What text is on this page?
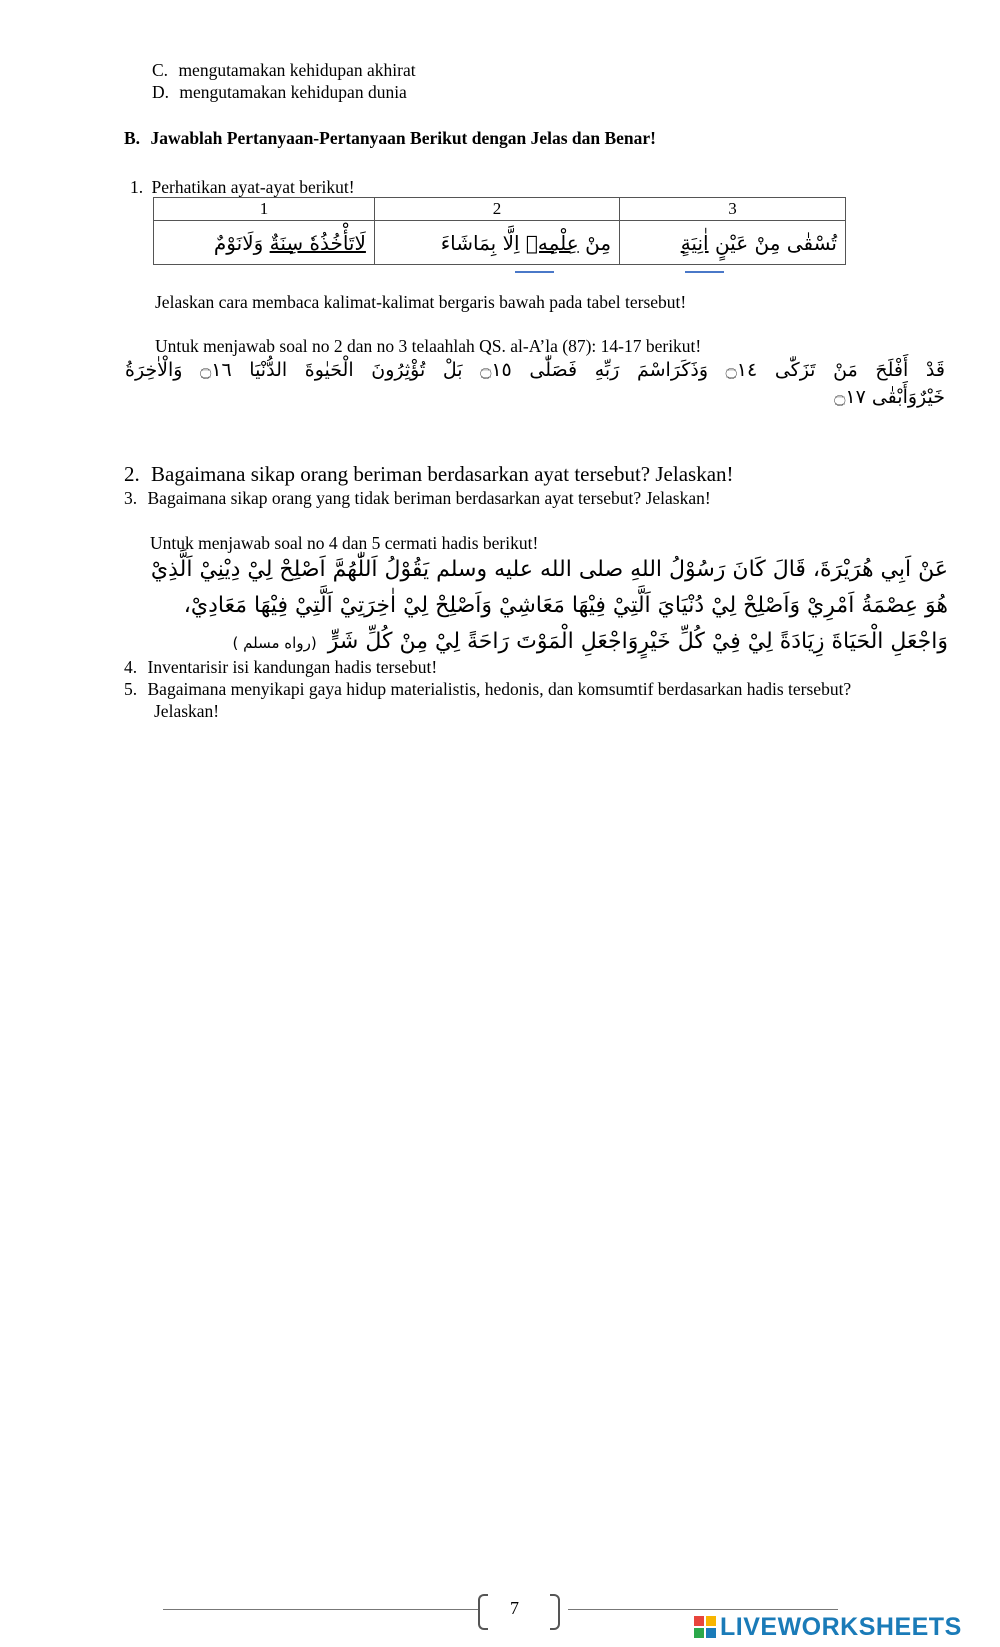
C. mengutamakan kehidupan akhirat
D. mengutamakan kehidupan dunia
B. Jawablah Pertanyaan-Pertanyaan Berikut dengan Jelas dan Benar!
1. Perhatikan ayat-ayat berikut!
1	2	3
لَاتَأْخُذُهٗ سِنَةٌ وَلَانَوْمٌ	مِنْ عِلْمِهٖ اِلَّا بِمَاشَاءَ	تُسْقٰى مِنْ عَيْنٍ اٰنِيَةٍ
Jelaskan cara membaca kalimat-kalimat bergaris bawah pada tabel tersebut!
Untuk menjawab soal no 2 dan no 3 telaahlah QS. al-A’la (87): 14-17 berikut!
قَدْ أَفْلَحَ مَنْ تَزَكّٰى ۝١٤ وَذَكَرَاسْمَ رَبِّهِ فَصَلّٰى ۝١٥ بَلْ تُؤْثِرُونَ الْحَيٰوةَ الدُّنْيَا ۝١٦ وَالْاٰخِرَةُ
خَيْرٌوَأَبْقٰى ۝١٧
2. Bagaimana sikap orang beriman berdasarkan ayat tersebut? Jelaskan!
3. Bagaimana sikap orang yang tidak beriman berdasarkan ayat tersebut? Jelaskan!
Untuk menjawab soal no 4 dan 5 cermati hadis berikut!
عَنْ اَبِي هُرَيْرَةَ، قَالَ كَانَ رَسُوْلُ اللهِ صلى الله عليه وسلم يَقُوْلُ اَللّٰهُمَّ اَصْلِحْ لِيْ دِيْنِيْ اَلَّذِيْ
هُوَ عِصْمَةُ اَمْرِيْ وَاَصْلِحْ لِيْ دُنْيَايَ اَلَّتِيْ فِيْهَا مَعَاشِيْ وَاَصْلِحْ لِيْ اٰخِرَتِيْ اَلَّتِيْ فِيْهَا مَعَادِيْ،
وَاجْعَلِ الْحَيَاةَ زِيَادَةً لِيْ فِيْ كُلِّ خَيْرٍوَاجْعَلِ الْمَوْتَ رَاحَةً لِيْ مِنْ كُلِّ شَرٍّ (رواه مسلم )
4. Inventarisir isi kandungan hadis tersebut!
5. Bagaimana menyikapi gaya hidup materialistis, hedonis, dan komsumtif berdasarkan hadis tersebut?
Jelaskan!
7
LIVEWORKSHEETS
